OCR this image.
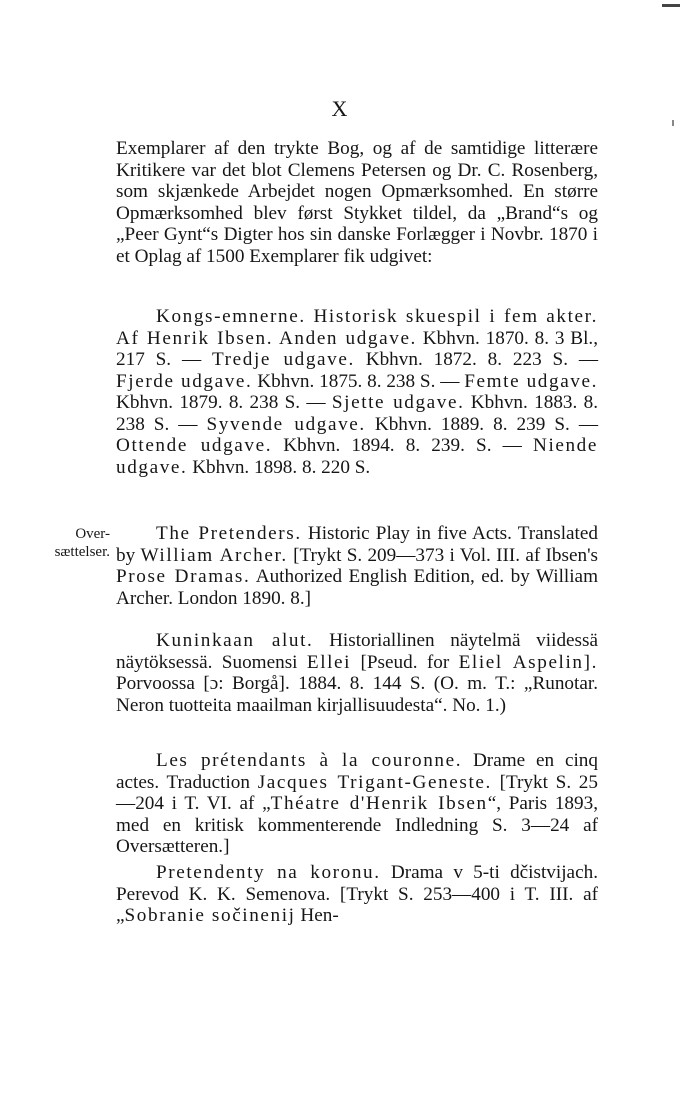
X
Over-
sættelser.

Exemplarer af den trykte Bog, og af de samtidige litterære Kritikere var det blot Clemens Petersen og Dr. C. Rosenberg, som skjænkede Arbejdet nogen Opmærksomhed. En større Opmærksomhed blev først Stykket tildel, da „Brand“s og „Peer Gynt“s Digter hos sin danske Forlægger i Novbr. 1870 i et Oplag af 1500 Exemplarer fik udgivet:

Kongs-emnerne. Historisk skuespil i fem akter. Af Henrik Ibsen. Anden udgave. Kbhvn. 1870. 8. 3 Bl., 217 S. — Tredje udgave. Kbhvn. 1872. 8. 223 S. — Fjerde udgave. Kbhvn. 1875. 8. 238 S. — Femte udgave. Kbhvn. 1879. 8. 238 S. — Sjette udgave. Kbhvn. 1883. 8. 238 S. — Syvende udgave. Kbhvn. 1889. 8. 239 S. — Ottende udgave. Kbhvn. 1894. 8. 239. S. — Niende udgave. Kbhvn. 1898. 8. 220 S.

The Pretenders. Historic Play in five Acts. Translated by William Archer. [Trykt S. 209—373 i Vol. III. af Ibsen's Prose Dramas. Authorized English Edition, ed. by William Archer. London 1890. 8.]

Kuninkaan alut. Historiallinen näytelmä viidessä näytöksessä. Suomensi Ellei [Pseud. for Eliel Aspelin]. Porvoossa [ɔ: Borgå]. 1884. 8. 144 S. (O. m. T.: „Runotar. Neron tuotteita maailman kirjallisuudesta“. No. 1.)

Les prétendants à la couronne. Drame en cinq actes. Traduction Jacques Trigant-Geneste. [Trykt S. 25—204 i T. VI. af „Théatre d'Henrik Ibsen“, Paris 1893, med en kritisk kommenterende Indledning S. 3—24 af Oversætteren.]

Pretendenty na koronu. Drama v 5-ti dčistvijach. Perevod K. K. Semenova. [Trykt S. 253—400 i T. III. af „Sobranie sočinenij Hen-
